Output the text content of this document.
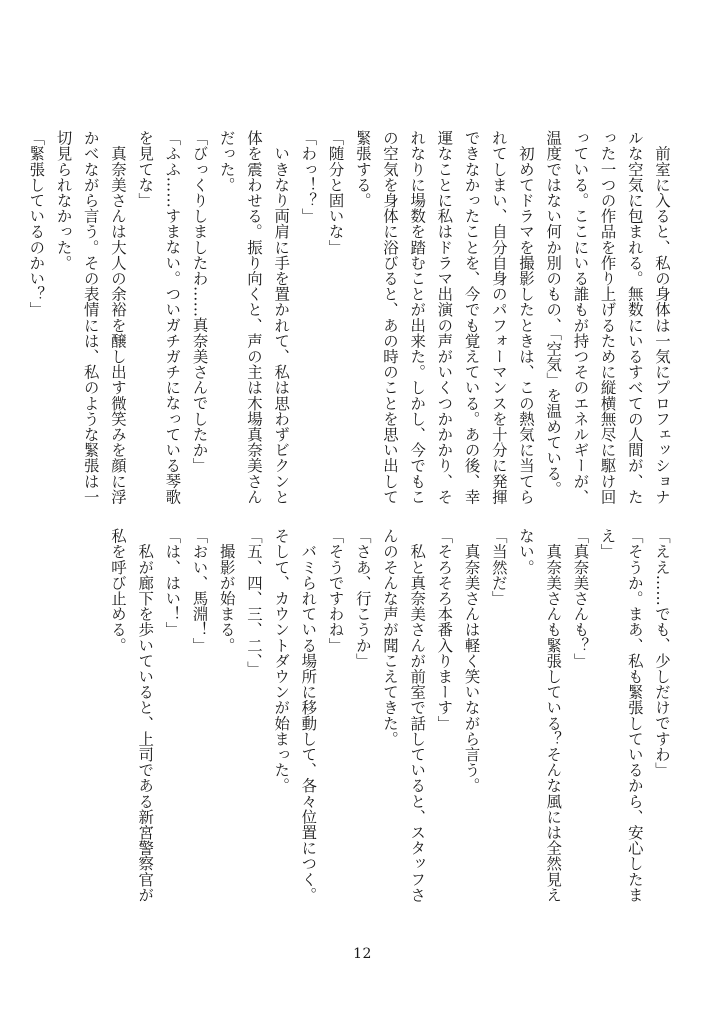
　前室に入ると、私の身体は一気にプロフェッショナルな空気に包まれる。無数にいるすべての人間が、たった一つの作品を作り上げるために縦横無尽に駆け回っている。ここにいる誰もが持つそのエネルギーが、温度ではない何か別のもの、「空気」を温めている。

　初めてドラマを撮影したときは、この熱気に当てられてしまい、自分自身のパフォーマンスを十分に発揮できなかったことを、今でも覚えている。あの後、幸運なことに私はドラマ出演の声がいくつかかかり、それなりに場数を踏むことが出来た。しかし、今でもこの空気を身体に浴びると、あの時のことを思い出して緊張する。

「随分と固いな」

「わっ！？」

　いきなり両肩に手を置かれて、私は思わずビクンと体を震わせる。振り向くと、声の主は木場真奈美さんだった。

「びっくりしましたわ……真奈美さんでしたか」

「ふふ……すまない。ついガチガチになっている琴歌を見てな」

　真奈美さんは大人の余裕を醸し出す微笑みを顔に浮かべながら言う。その表情には、私のような緊張は一切見られなかった。

「緊張しているのかい？」

「ええ……でも、少しだけですわ」

「そうか。まあ、私も緊張しているから、安心したまえ」

「真奈美さんも？」

　真奈美さんも緊張している？そんな風には全然見えない。

「当然だ」

　真奈美さんは軽く笑いながら言う。

「そろそろ本番入りまーす」

　私と真奈美さんが前室で話していると、スタッフさんのそんな声が聞こえてきた。

「さあ、行こうか」

「そうですわね」

　バミられている場所に移動して、各々位置につく。そして、カウントダウンが始まった。

「五、四、三、二、」

　撮影が始まる。

「おい、馬淵！」

「は、はい！」

　私が廊下を歩いていると、上司である新宮警察官が私を呼び止める。

12
